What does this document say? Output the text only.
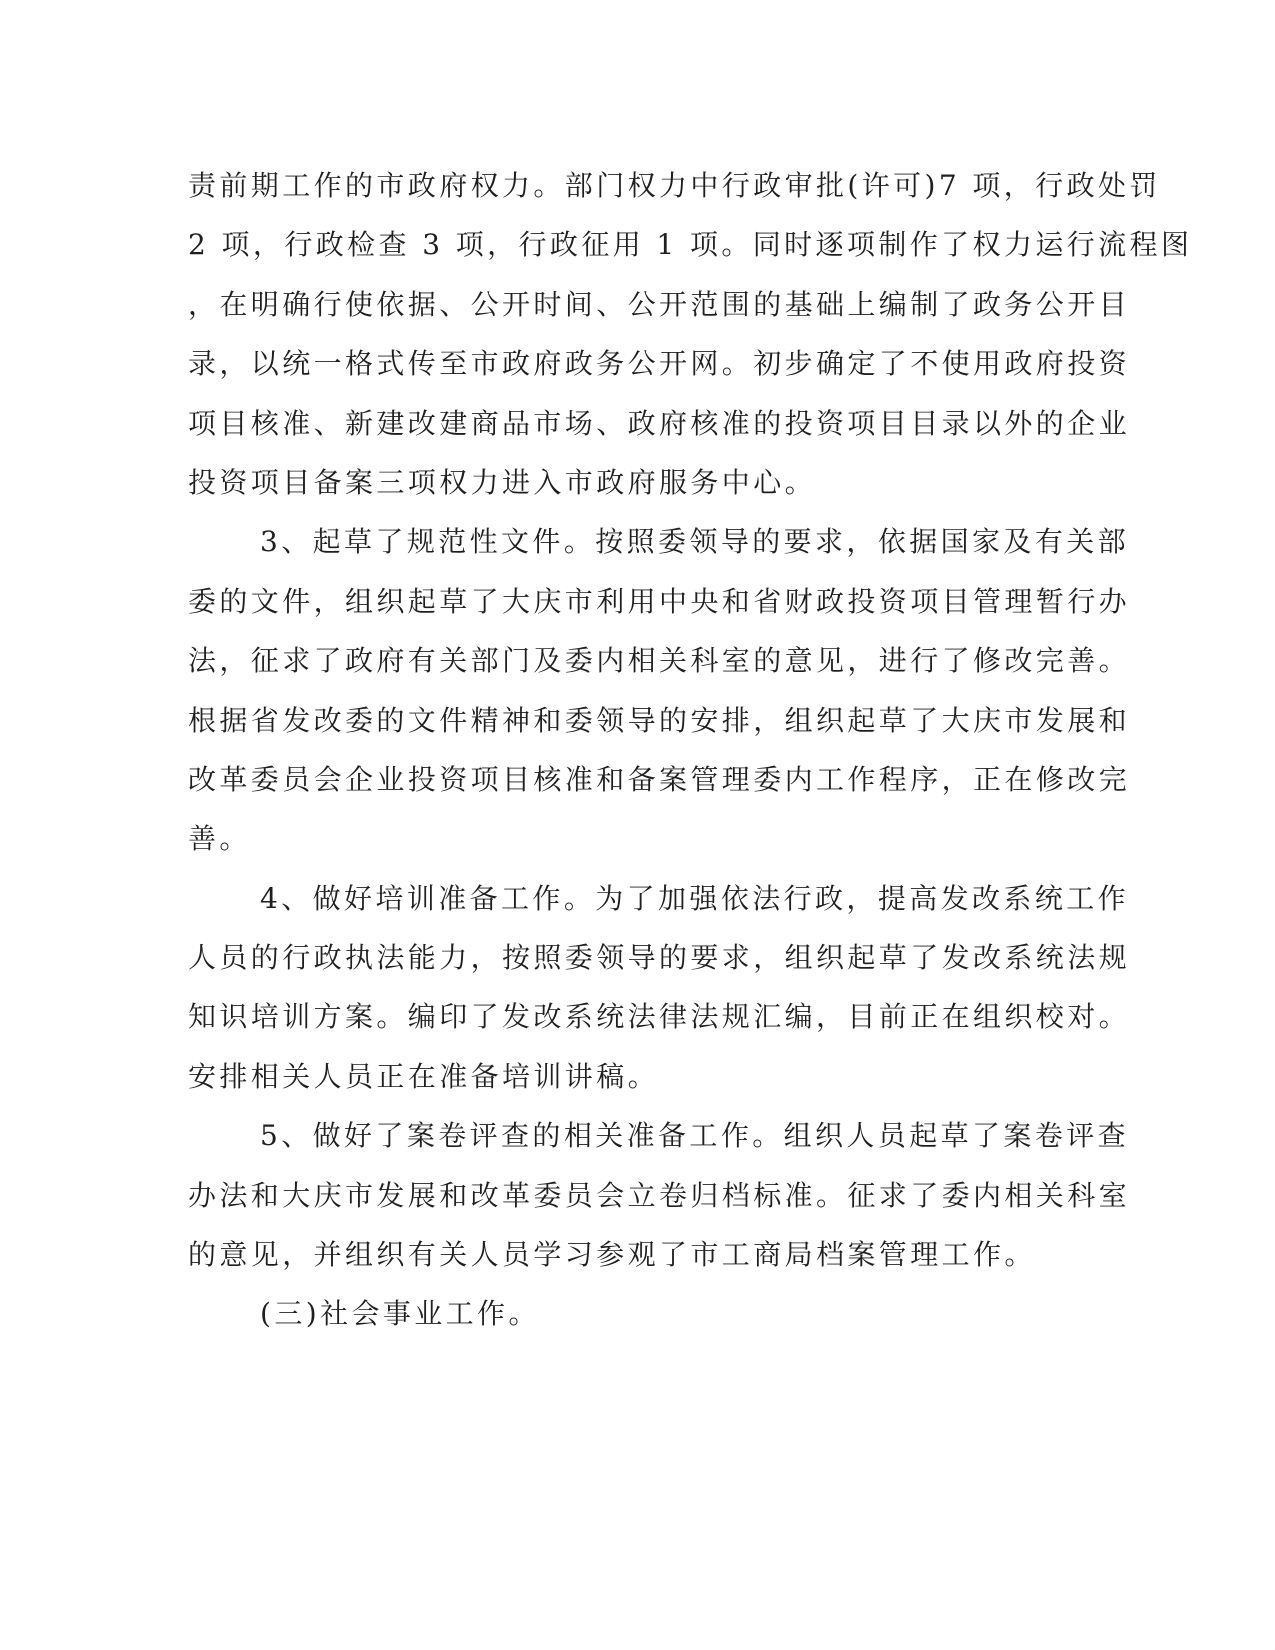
责前期工作的市政府权力。部门权力中行政审批(许可)7 项，行政处罚
2 项，行政检查 3 项，行政征用 1 项。同时逐项制作了权力运行流程图
，在明确行使依据、公开时间、公开范围的基础上编制了政务公开目
录，以统一格式传至市政府政务公开网。初步确定了不使用政府投资
项目核准、新建改建商品市场、政府核准的投资项目目录以外的企业
投资项目备案三项权力进入市政府服务中心。
3、起草了规范性文件。按照委领导的要求，依据国家及有关部
委的文件，组织起草了大庆市利用中央和省财政投资项目管理暂行办
法，征求了政府有关部门及委内相关科室的意见，进行了修改完善。
根据省发改委的文件精神和委领导的安排，组织起草了大庆市发展和
改革委员会企业投资项目核准和备案管理委内工作程序，正在修改完
善。
4、做好培训准备工作。为了加强依法行政，提高发改系统工作
人员的行政执法能力，按照委领导的要求，组织起草了发改系统法规
知识培训方案。编印了发改系统法律法规汇编，目前正在组织校对。
安排相关人员正在准备培训讲稿。
5、做好了案卷评查的相关准备工作。组织人员起草了案卷评查
办法和大庆市发展和改革委员会立卷归档标准。征求了委内相关科室
的意见，并组织有关人员学习参观了市工商局档案管理工作。
(三)社会事业工作。
